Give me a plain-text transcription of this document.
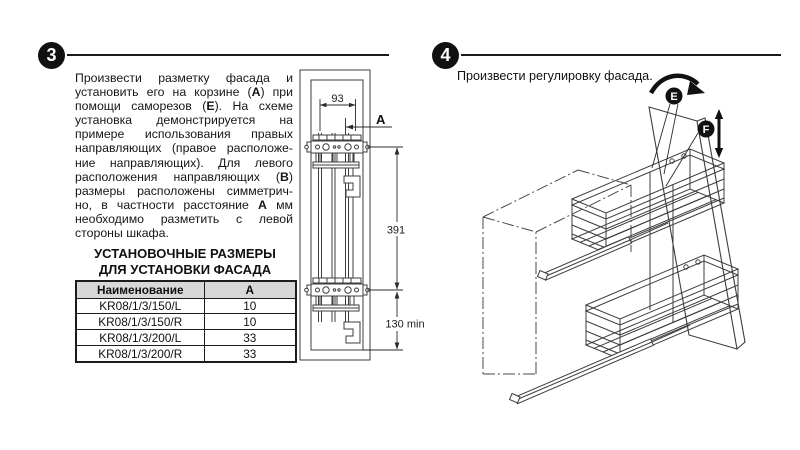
3
Произвести разметку фасада и
установить его на корзине (A) при
помощи саморезов (E). На схеме
установка демонстрируется на
примере использования правых
направляющих (правое расположе-
ние направляющих). Для левого
расположения направляющих (B)
размеры расположены симметрич-
но, в частности расстояние A мм
необходимо разметить с левой
стороны шкафа.
УСТАНОВОЧНЫЕ РАЗМЕРЫ
ДЛЯ УСТАНОВКИ ФАСАДА
Наименование	A
KR08/1/3/150/L	10
KR08/1/3/150/R	10
KR08/1/3/200/L	33
KR08/1/3/200/R	33
93
A
391
130 min
4
Произвести регулировку фасада.
E
F
